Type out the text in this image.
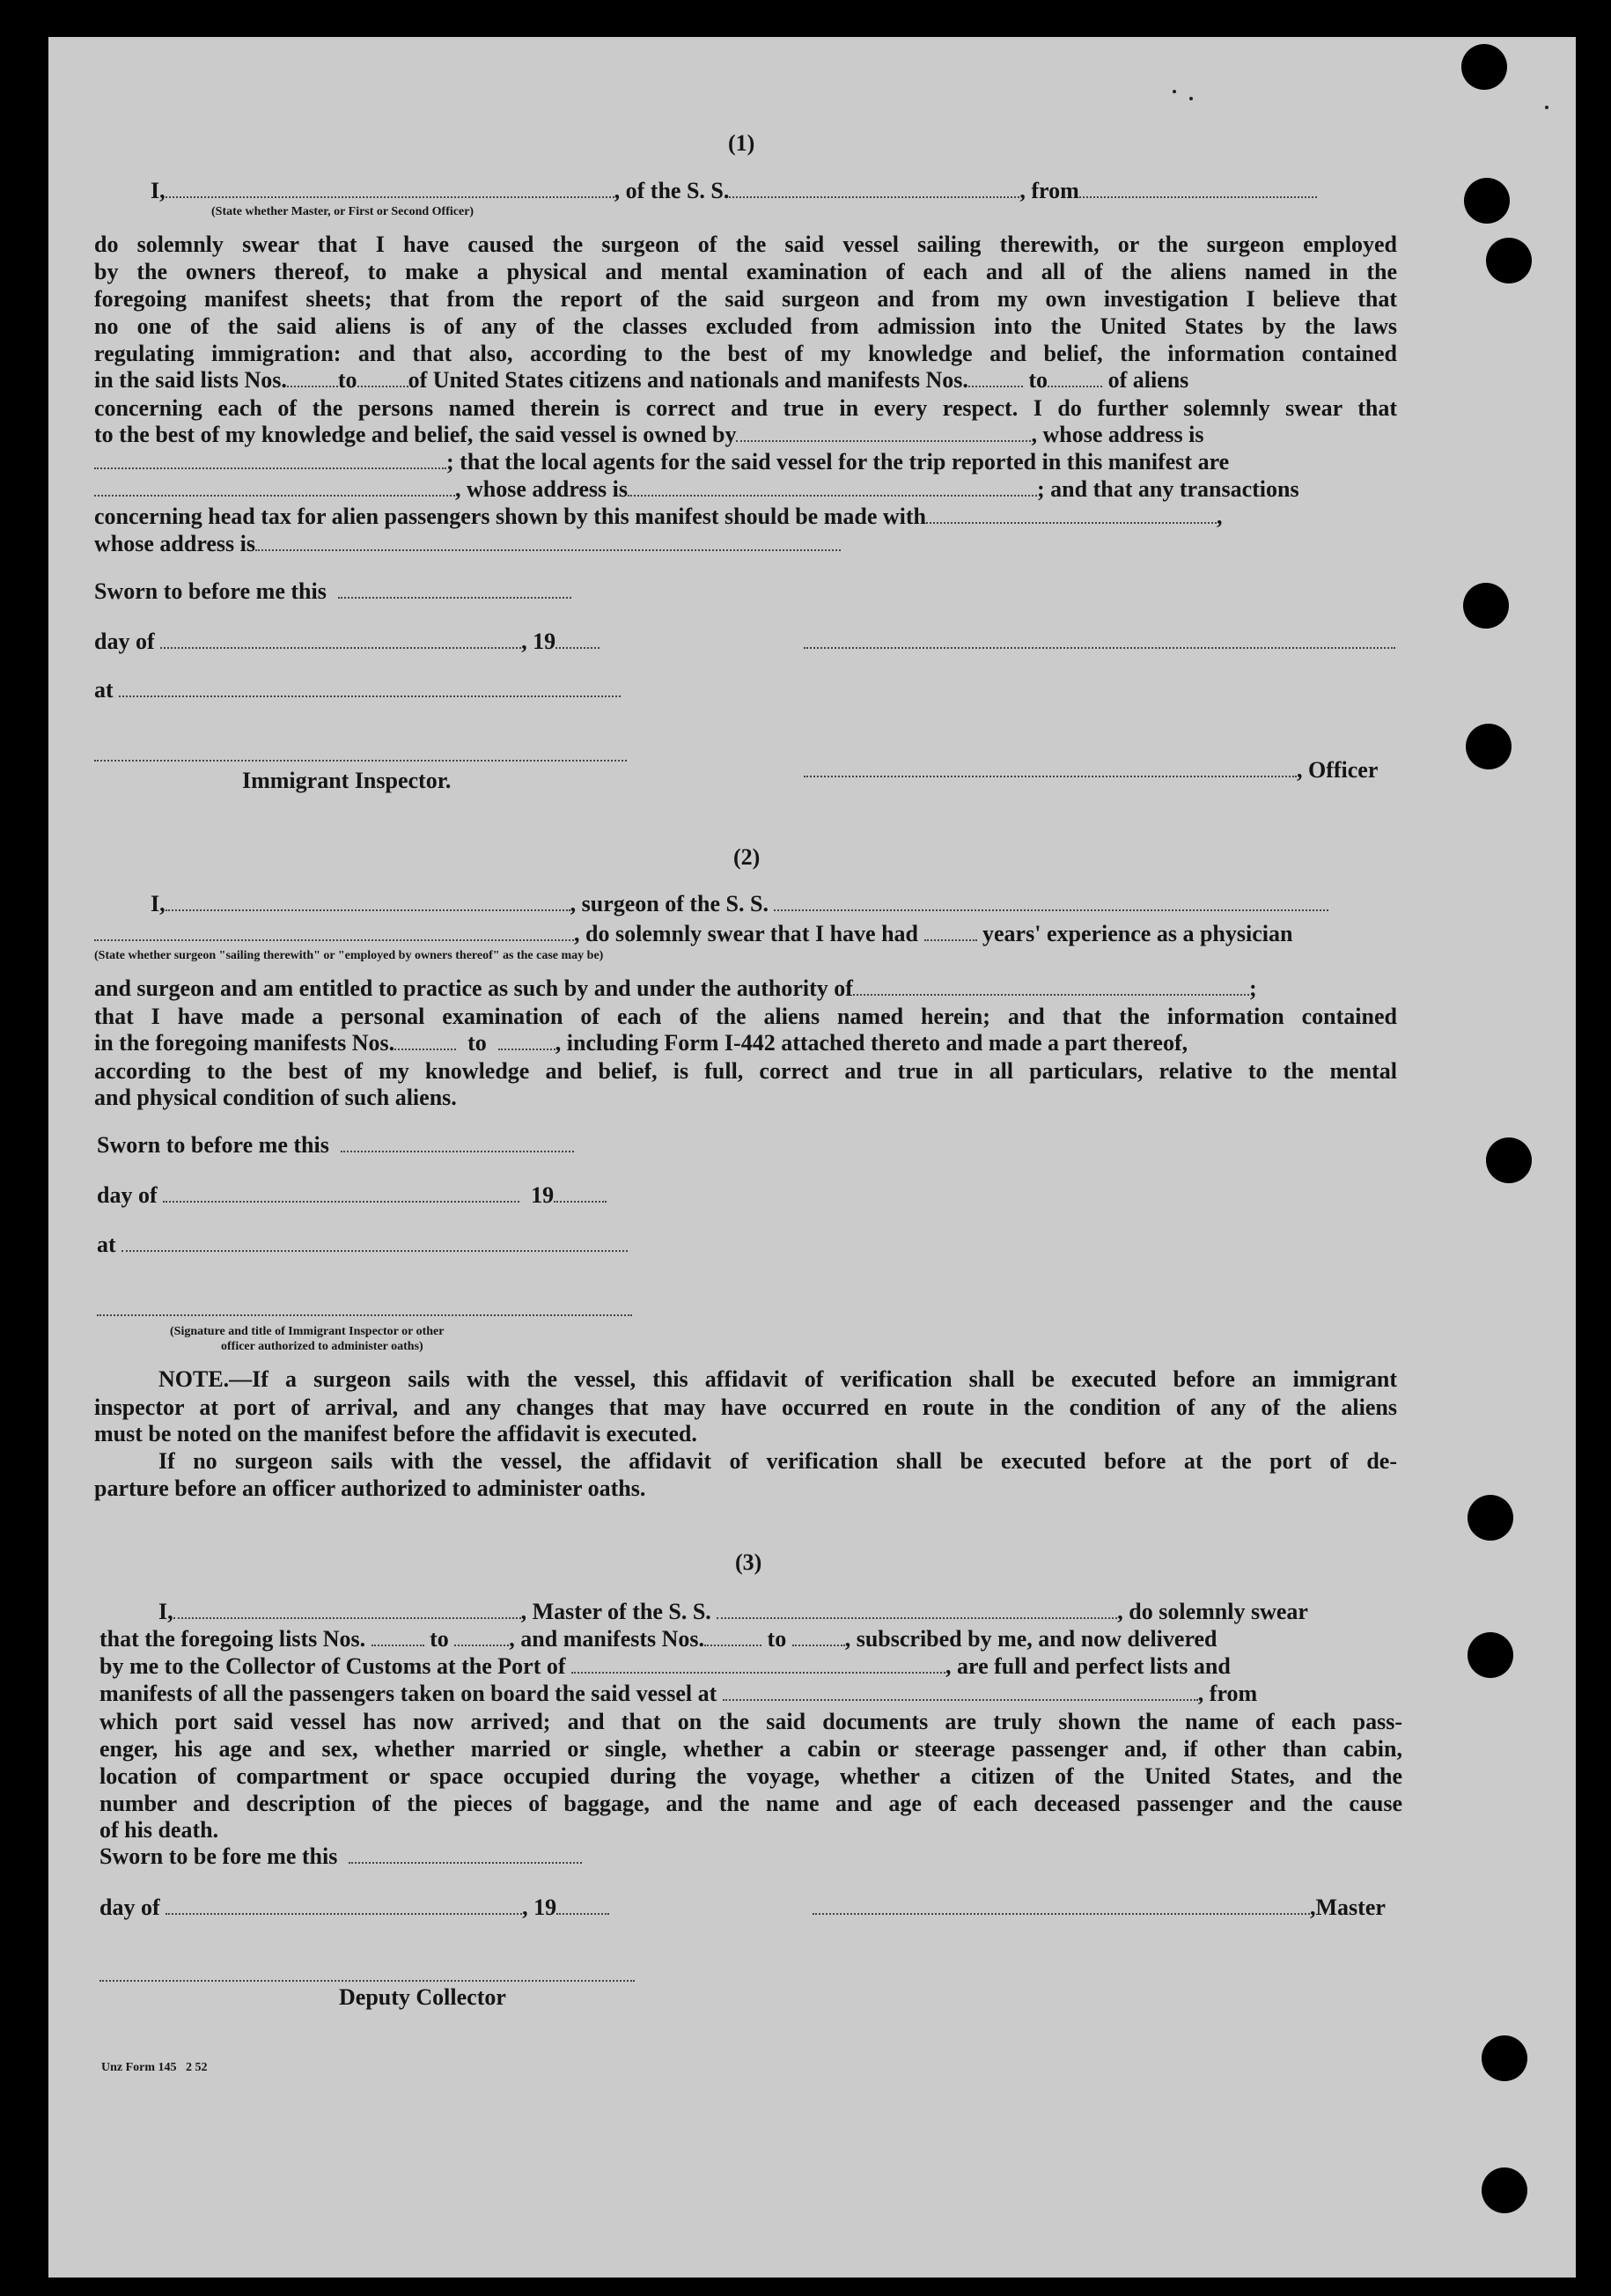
(1)
I,	, of the S. S.	, from
(State whether Master, or First or Second Officer)
do solemnly swear that I have caused the surgeon of the said vessel sailing therewith, or the surgeon employed
by the owners thereof, to make a physical and mental examination of each and all of the aliens named in the
foregoing manifest sheets; that from the report of the said surgeon and from my own investigation I believe that
no one of the said aliens is of any of the classes excluded from admission into the United States by the laws
regulating immigration: and that also, according to the best of my knowledge and belief, the information contained
in the said lists Nos. to of United States citizens and nationals and manifests Nos.	to	of aliens
concerning each of the persons named therein is correct and true in every respect. I do further solemnly swear that
to the best of my knowledge and belief, the said vessel is owned by	, whose address is
; that the local agents for the said vessel for the trip reported in this manifest are
, whose address is	; and that any transactions
concerning head tax for alien passengers shown by this manifest should be made with	,
whose address is
Sworn to before me this
day of	, 19
at
Immigrant Inspector.	, Officer
(2)
I,	, surgeon of the S. S.
, do solemnly swear that I have had	years' experience as a physician
(State whether surgeon "sailing therewith" or "employed by owners thereof" as the case may be)
and surgeon and am entitled to practice as such by and under the authority of	;
that I have made a personal examination of each of the aliens named herein; and that the information contained
in the foregoing manifests Nos.	to	, including Form I-442 attached thereto and made a part thereof,
according to the best of my knowledge and belief, is full, correct and true in all particulars, relative to the mental
and physical condition of such aliens.
Sworn to before me this
day of	19
at
(Signature and title of Immigrant Inspector or other
officer authorized to administer oaths)
NOTE.—If a surgeon sails with the vessel, this affidavit of verification shall be executed before an immigrant
inspector at port of arrival, and any changes that may have occurred en route in the condition of any of the aliens
must be noted on the manifest before the affidavit is executed.
If no surgeon sails with the vessel, the affidavit of verification shall be executed before at the port of de-
parture before an officer authorized to administer oaths.
(3)
I,	, Master of the S. S.	, do solemnly swear
that the foregoing lists Nos.	to	, and manifests Nos.	to	, subscribed by me, and now delivered
by me to the Collector of Customs at the Port of	, are full and perfect lists and
manifests of all the passengers taken on board the said vessel at	, from
which port said vessel has now arrived; and that on the said documents are truly shown the name of each pass-
enger, his age and sex, whether married or single, whether a cabin or steerage passenger and, if other than cabin,
location of compartment or space occupied during the voyage, whether a citizen of the United States, and the
number and description of the pieces of baggage, and the name and age of each deceased passenger and the cause
of his death.
Sworn to be fore me this
day of	, 19	,Master
Deputy Collector
Unz Form 145   2 52
